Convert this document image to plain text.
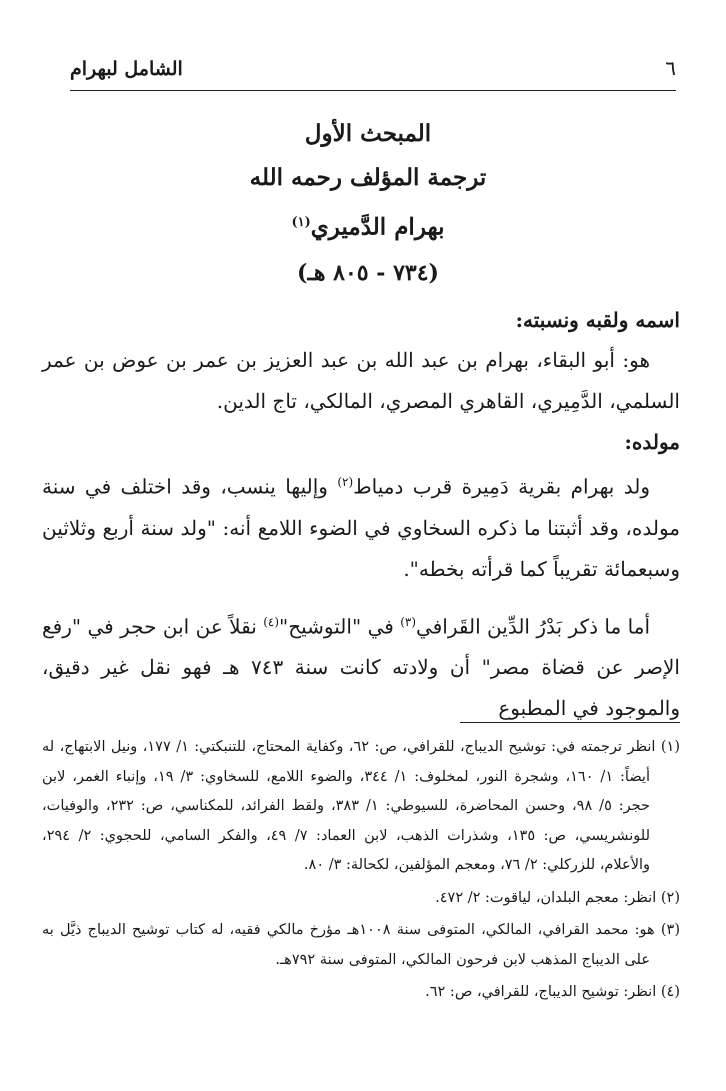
٦
الشامل لبهرام
المبحث الأول
ترجمة المؤلف رحمه الله
بهرام الدَّميري$^{(١)}$
(٧٣٤ - ٨٠٥ هـ)
اسمه ولقبه ونسبته:

هو: أبو البقاء، بهرام بن عبد الله بن عبد العزيز بن عمر بن عوض بن عمر السلمي، الدَّمِيري، القاهري المصري، المالكي، تاج الدين.

مولده:

ولد بهرام بقرية دَمِيرة قرب دمياط$^{(٢)}$ وإليها ينسب، وقد اختلف في سنة مولده، وقد أثبتنا ما ذكره السخاوي في الضوء اللامع أنه: "ولد سنة أربع وثلاثين وسبعمائة تقريباً كما قرأته بخطه".

أما ما ذكر بَدْرُ الدِّين القَرافي$^{(٣)}$ في "التوشيح"$^{(٤)}$ نقلاً عن ابن حجر في "رفع الإصر عن قضاة مصر" أن ولادته كانت سنة ٧٤٣ هـ فهو نقل غير دقيق، والموجود في المطبوع

(١) انظر ترجمته في: توشيح الديباج، للقرافي، ص: ٦٢، وكفاية المحتاج، للتنبكتي: ١/ ١٧٧، ونيل الابتهاج، له أيضاً: ١/ ١٦٠، وشجرة النور، لمخلوف: ١/ ٣٤٤، والضوء اللامع، للسخاوي: ٣/ ١٩، وإنباء الغمر، لابن حجر: ٥/ ٩٨، وحسن المحاضرة، للسيوطي: ١/ ٣٨٣، ولقط الفرائد، للمكناسي، ص: ٢٣٢، والوفيات، للونشريسي، ص: ١٣٥، وشذرات الذهب، لابن العماد: ٧/ ٤٩، والفكر السامي، للحجوي: ٢/ ٢٩٤، والأعلام، للزركلي: ٢/ ٧٦، ومعجم المؤلفين، لكحالة: ٣/ ٨٠.

(٢) انظر: معجم البلدان، لياقوت: ٢/ ٤٧٢.

(٣) هو: محمد القرافي، المالكي، المتوفى سنة ١٠٠٨هـ مؤرخ مالكي فقيه، له كتاب توشيح الديباج ذيَّل به على الديباج المذهب لابن فرحون المالكي، المتوفى سنة ٧٩٢هـ.

(٤) انظر: توشيح الديباج، للقرافي، ص: ٦٢.
